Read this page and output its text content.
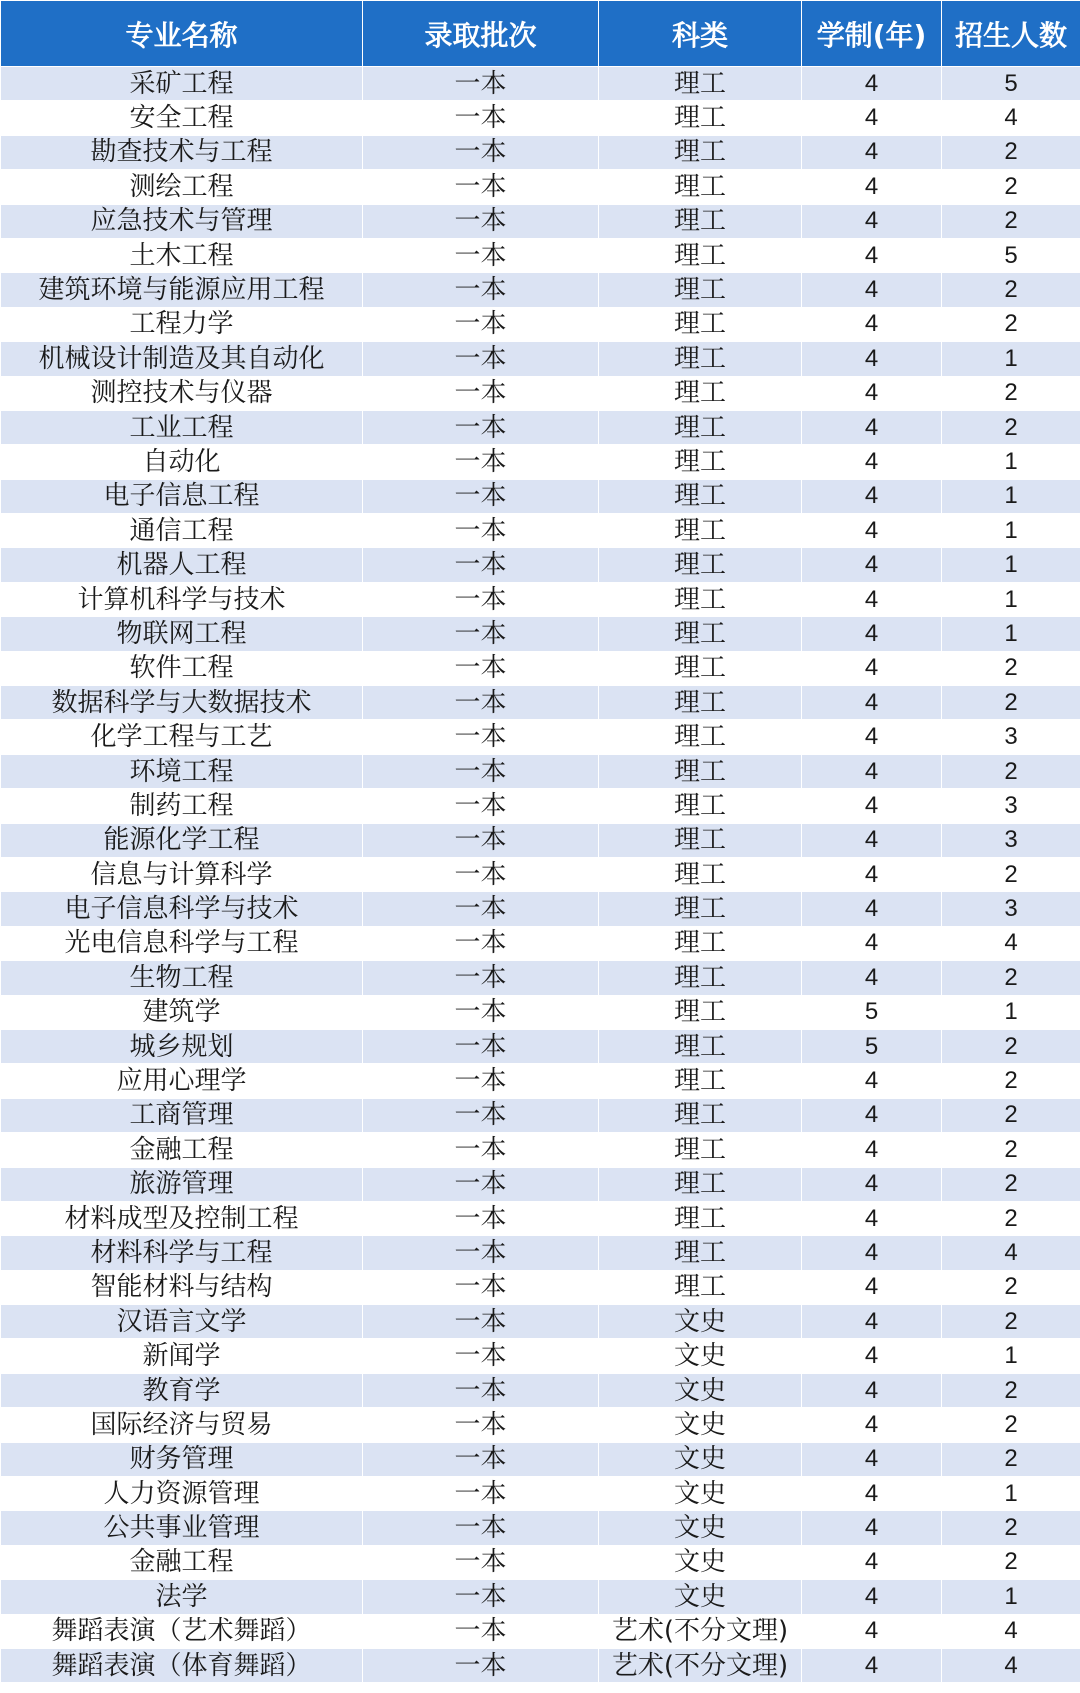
专业名称	录取批次	科类	学制(年)	招生人数
采矿工程	一本	理工	4	5
安全工程	一本	理工	4	4
勘查技术与工程	一本	理工	4	2
测绘工程	一本	理工	4	2
应急技术与管理	一本	理工	4	2
土木工程	一本	理工	4	5
建筑环境与能源应用工程	一本	理工	4	2
工程力学	一本	理工	4	2
机械设计制造及其自动化	一本	理工	4	1
测控技术与仪器	一本	理工	4	2
工业工程	一本	理工	4	2
自动化	一本	理工	4	1
电子信息工程	一本	理工	4	1
通信工程	一本	理工	4	1
机器人工程	一本	理工	4	1
计算机科学与技术	一本	理工	4	1
物联网工程	一本	理工	4	1
软件工程	一本	理工	4	2
数据科学与大数据技术	一本	理工	4	2
化学工程与工艺	一本	理工	4	3
环境工程	一本	理工	4	2
制药工程	一本	理工	4	3
能源化学工程	一本	理工	4	3
信息与计算科学	一本	理工	4	2
电子信息科学与技术	一本	理工	4	3
光电信息科学与工程	一本	理工	4	4
生物工程	一本	理工	4	2
建筑学	一本	理工	5	1
城乡规划	一本	理工	5	2
应用心理学	一本	理工	4	2
工商管理	一本	理工	4	2
金融工程	一本	理工	4	2
旅游管理	一本	理工	4	2
材料成型及控制工程	一本	理工	4	2
材料科学与工程	一本	理工	4	4
智能材料与结构	一本	理工	4	2
汉语言文学	一本	文史	4	2
新闻学	一本	文史	4	1
教育学	一本	文史	4	2
国际经济与贸易	一本	文史	4	2
财务管理	一本	文史	4	2
人力资源管理	一本	文史	4	1
公共事业管理	一本	文史	4	2
金融工程	一本	文史	4	2
法学	一本	文史	4	1
舞蹈表演（艺术舞蹈）	一本	艺术(不分文理)	4	4
舞蹈表演（体育舞蹈）	一本	艺术(不分文理)	4	4
